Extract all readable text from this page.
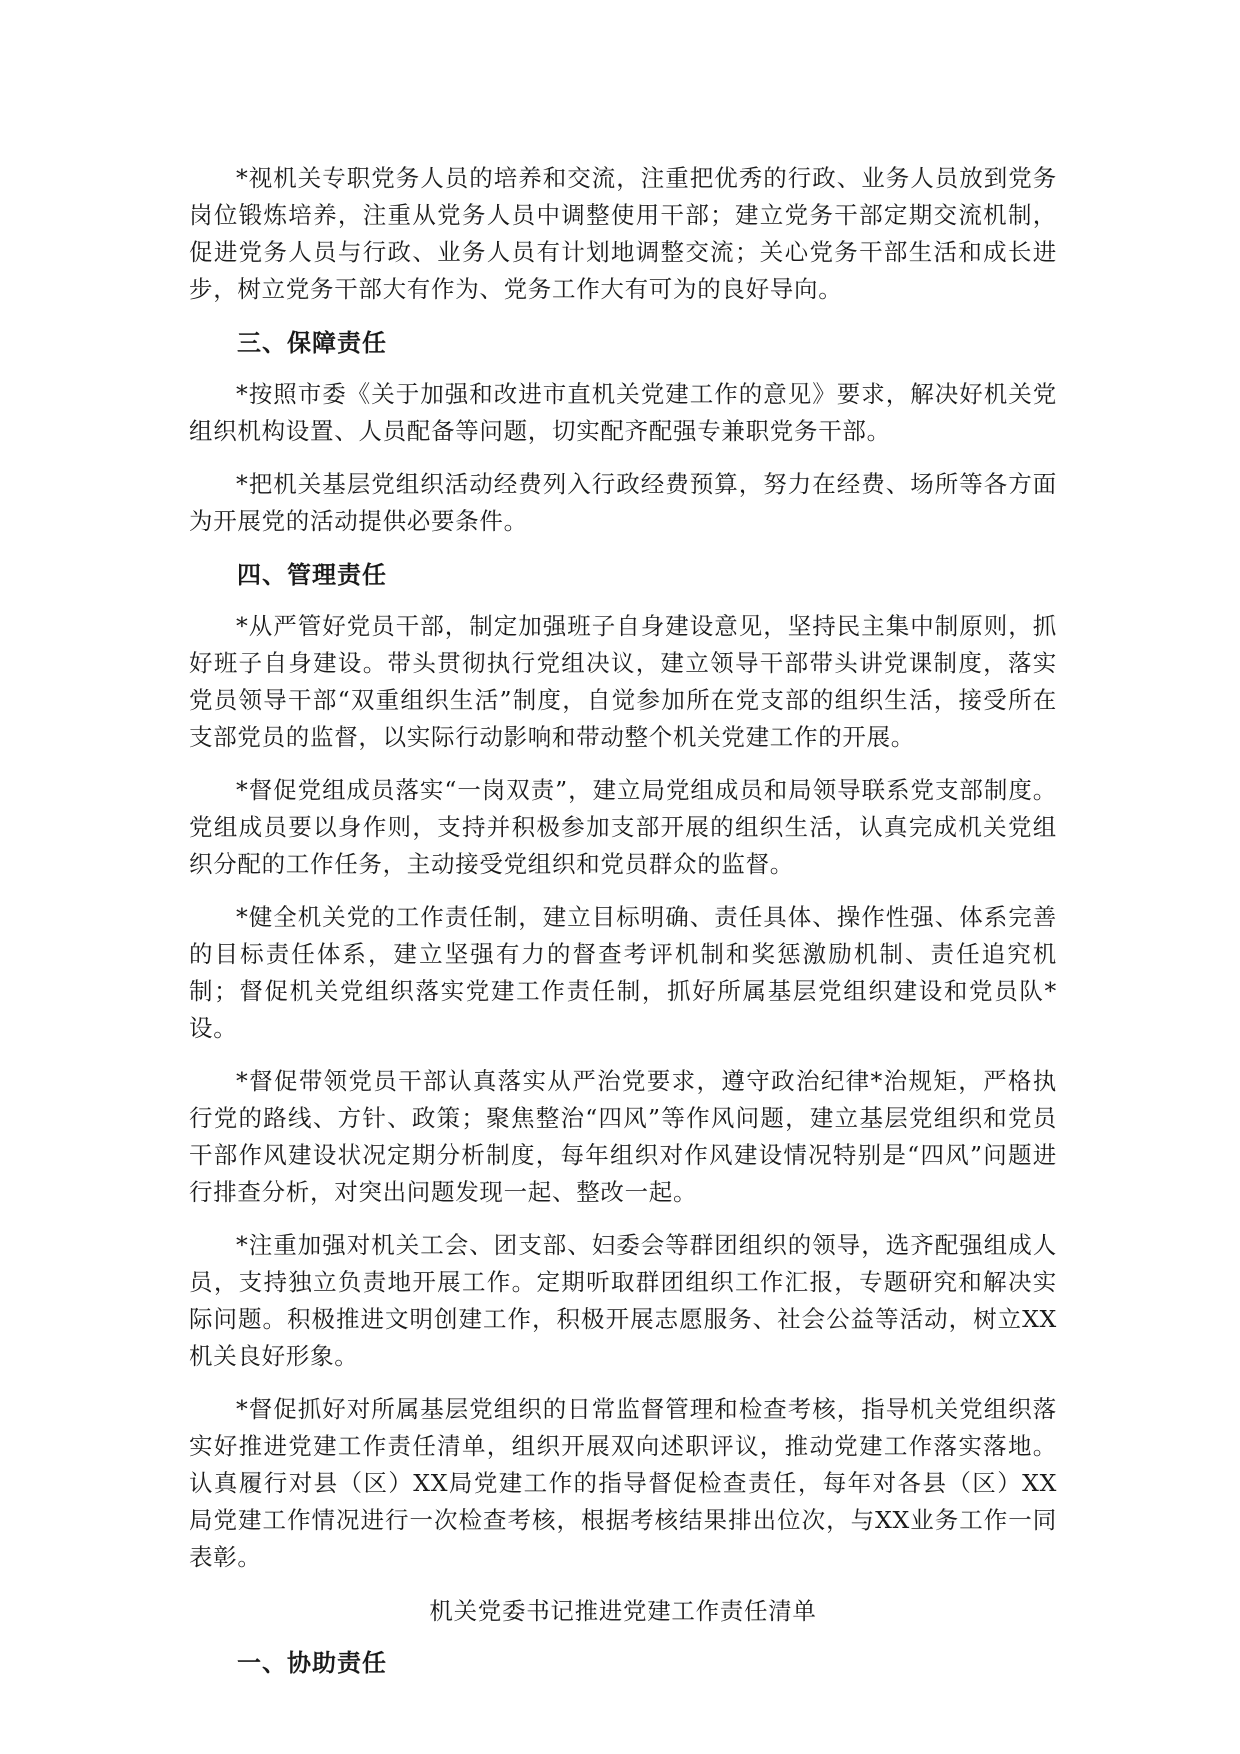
*视机关专职党务人员的培养和交流，注重把优秀的行政、业务人员放到党务岗位锻炼培养，注重从党务人员中调整使用干部；建立党务干部定期交流机制，促进党务人员与行政、业务人员有计划地调整交流；关心党务干部生活和成长进步，树立党务干部大有作为、党务工作大有可为的良好导向。

三、保障责任

*按照市委《关于加强和改进市直机关党建工作的意见》要求，解决好机关党组织机构设置、人员配备等问题，切实配齐配强专兼职党务干部。

*把机关基层党组织活动经费列入行政经费预算，努力在经费、场所等各方面为开展党的活动提供必要条件。

四、管理责任

*从严管好党员干部，制定加强班子自身建设意见，坚持民主集中制原则，抓好班子自身建设。带头贯彻执行党组决议，建立领导干部带头讲党课制度，落实党员领导干部“双重组织生活”制度，自觉参加所在党支部的组织生活，接受所在支部党员的监督，以实际行动影响和带动整个机关党建工作的开展。

*督促党组成员落实“一岗双责”，建立局党组成员和局领导联系党支部制度。党组成员要以身作则，支持并积极参加支部开展的组织生活，认真完成机关党组织分配的工作任务，主动接受党组织和党员群众的监督。

*健全机关党的工作责任制，建立目标明确、责任具体、操作性强、体系完善的目标责任体系，建立坚强有力的督查考评机制和奖惩激励机制、责任追究机制；督促机关党组织落实党建工作责任制，抓好所属基层党组织建设和党员队*设。

*督促带领党员干部认真落实从严治党要求，遵守政治纪律*治规矩，严格执行党的路线、方针、政策；聚焦整治“四风”等作风问题，建立基层党组织和党员干部作风建设状况定期分析制度，每年组织对作风建设情况特别是“四风”问题进行排查分析，对突出问题发现一起、整改一起。

*注重加强对机关工会、团支部、妇委会等群团组织的领导，选齐配强组成人员，支持独立负责地开展工作。定期听取群团组织工作汇报，专题研究和解决实际问题。积极推进文明创建工作，积极开展志愿服务、社会公益等活动，树立XX机关良好形象。

*督促抓好对所属基层党组织的日常监督管理和检查考核，指导机关党组织落实好推进党建工作责任清单，组织开展双向述职评议，推动党建工作落实落地。认真履行对县（区）XX局党建工作的指导督促检查责任，每年对各县（区）XX局党建工作情况进行一次检查考核，根据考核结果排出位次，与XX业务工作一同表彰。

机关党委书记推进党建工作责任清单

一、协助责任
